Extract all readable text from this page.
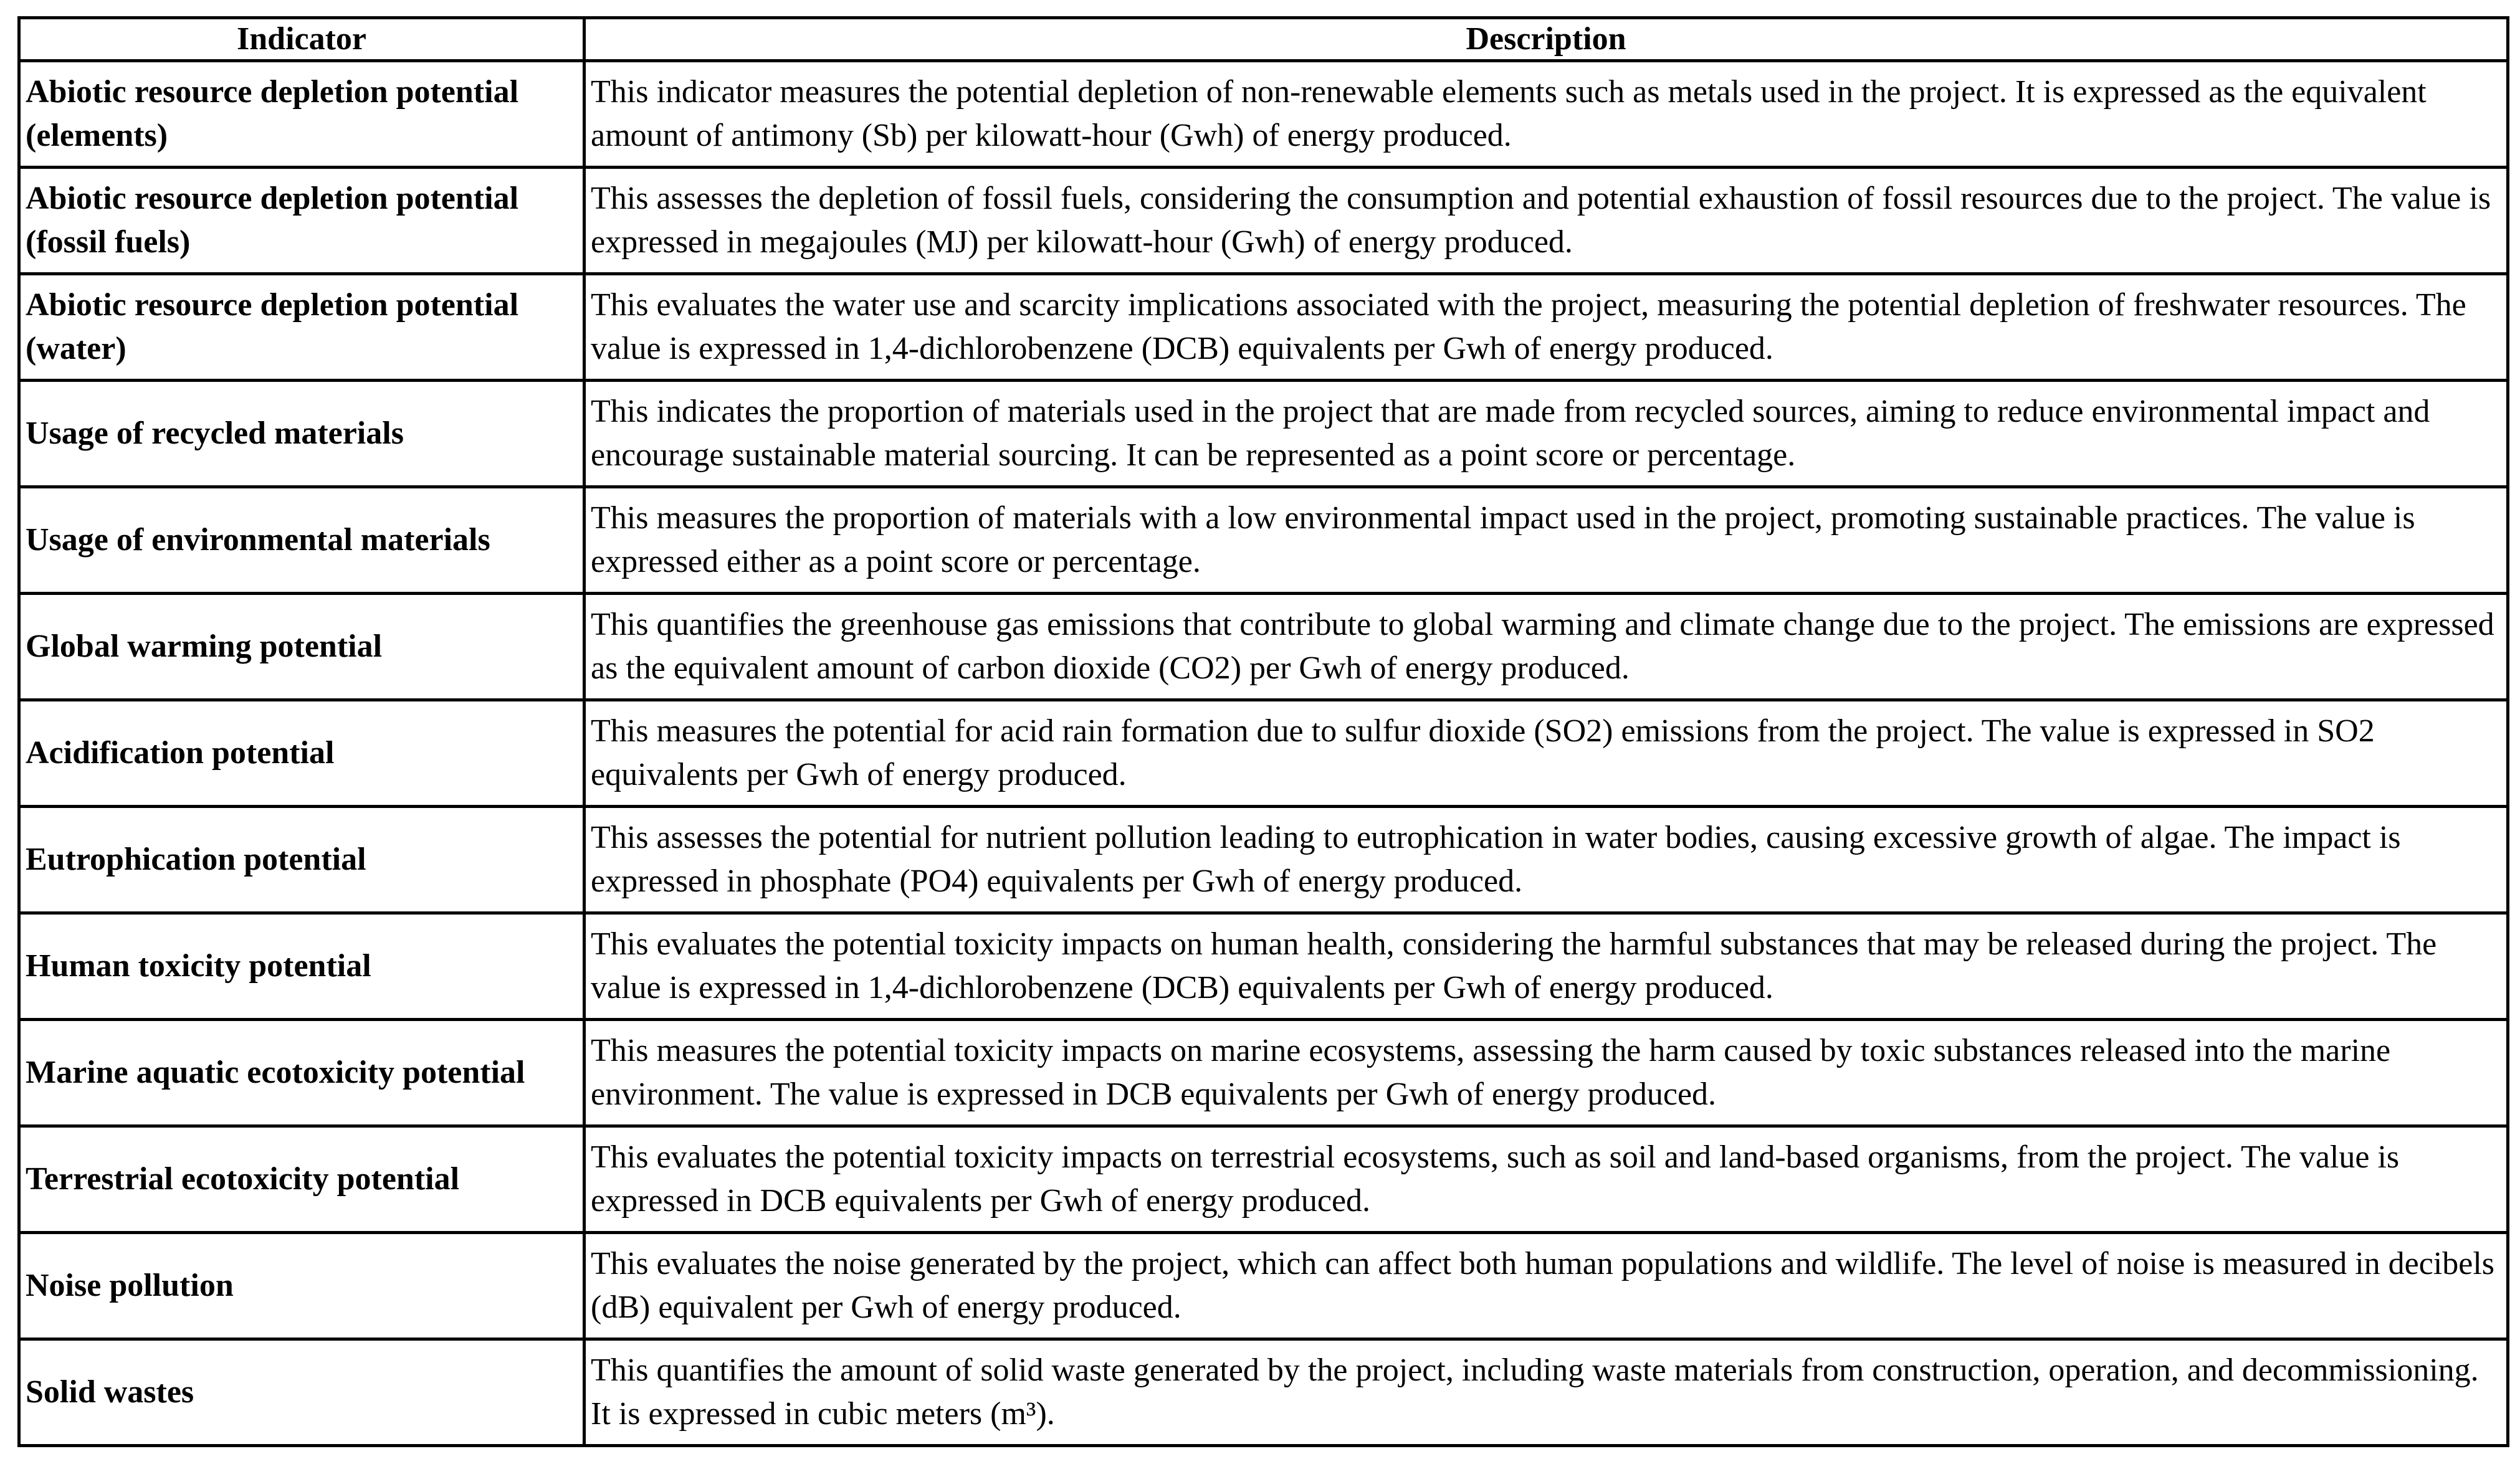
Indicator	Description
Abiotic resource depletion potential (elements)	This indicator measures the potential depletion of non-renewable elements such as metals used in the project. It is expressed as the equivalent amount of antimony (Sb) per kilowatt-hour (Gwh) of energy produced.
Abiotic resource depletion potential (fossil fuels)	This assesses the depletion of fossil fuels, considering the consumption and potential exhaustion of fossil resources due to the project. The value is expressed in megajoules (MJ) per kilowatt-hour (Gwh) of energy produced.
Abiotic resource depletion potential (water)	This evaluates the water use and scarcity implications associated with the project, measuring the potential depletion of freshwater resources. The value is expressed in 1,4-dichlorobenzene (DCB) equivalents per Gwh of energy produced.
Usage of recycled materials	This indicates the proportion of materials used in the project that are made from recycled sources, aiming to reduce environmental impact and encourage sustainable material sourcing. It can be represented as a point score or percentage.
Usage of environmental materials	This measures the proportion of materials with a low environmental impact used in the project, promoting sustainable practices. The value is expressed either as a point score or percentage.
Global warming potential	This quantifies the greenhouse gas emissions that contribute to global warming and climate change due to the project. The emissions are expressed as the equivalent amount of carbon dioxide (CO2) per Gwh of energy produced.
Acidification potential	This measures the potential for acid rain formation due to sulfur dioxide (SO2) emissions from the project. The value is expressed in SO2 equivalents per Gwh of energy produced.
Eutrophication potential	This assesses the potential for nutrient pollution leading to eutrophication in water bodies, causing excessive growth of algae. The impact is expressed in phosphate (PO4) equivalents per Gwh of energy produced.
Human toxicity potential	This evaluates the potential toxicity impacts on human health, considering the harmful substances that may be released during the project. The value is expressed in 1,4-dichlorobenzene (DCB) equivalents per Gwh of energy produced.
Marine aquatic ecotoxicity potential	This measures the potential toxicity impacts on marine ecosystems, assessing the harm caused by toxic substances released into the marine environment. The value is expressed in DCB equivalents per Gwh of energy produced.
Terrestrial ecotoxicity potential	This evaluates the potential toxicity impacts on terrestrial ecosystems, such as soil and land-based organisms, from the project. The value is expressed in DCB equivalents per Gwh of energy produced.
Noise pollution	This evaluates the noise generated by the project, which can affect both human populations and wildlife. The level of noise is measured in decibels (dB) equivalent per Gwh of energy produced.
Solid wastes	This quantifies the amount of solid waste generated by the project, including waste materials from construction, operation, and decommissioning. It is expressed in cubic meters (m³).
